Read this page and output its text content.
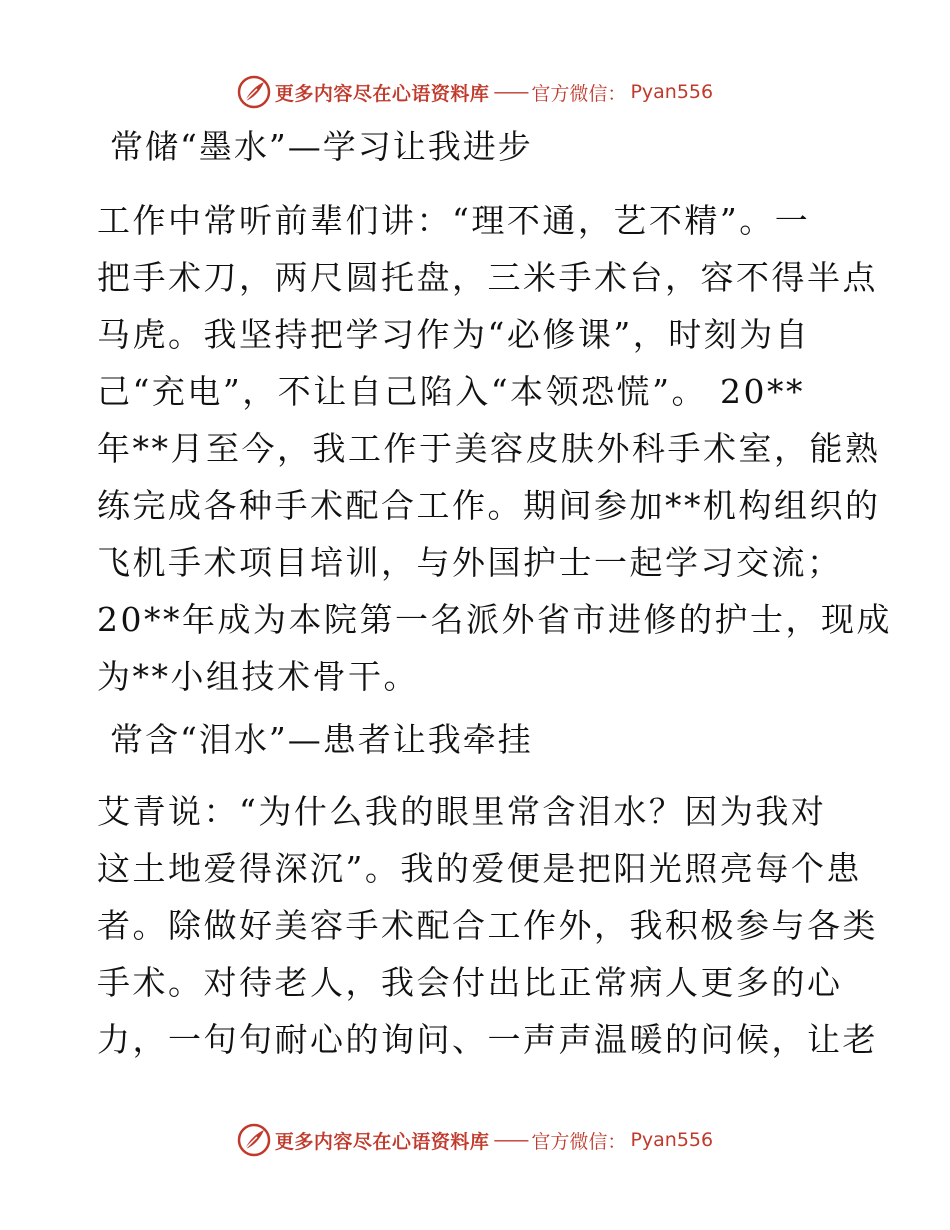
更多内容尽在心语资料库 —— 官方微信： Pyan556
常储“墨水”—学习让我进步

工作中常听前辈们讲：“理不通，艺不精”。一
把手术刀，两尺圆托盘，三米手术台，容不得半点
马虎。我坚持把学习作为“必修课”，时刻为自
己“充电”，不让自己陷入“本领恐慌”。 20**
年**月至今，我工作于美容皮肤外科手术室，能熟
练完成各种手术配合工作。期间参加**机构组织的
飞机手术项目培训，与外国护士一起学习交流；
20**年成为本院第一名派外省市进修的护士，现成
为**小组技术骨干。

常含“泪水”—患者让我牵挂

艾青说：“为什么我的眼里常含泪水？因为我对
这土地爱得深沉”。我的爱便是把阳光照亮每个患
者。除做好美容手术配合工作外，我积极参与各类
手术。对待老人，我会付出比正常病人更多的心
力，一句句耐心的询问、一声声温暖的问候，让老

更多内容尽在心语资料库 —— 官方微信： Pyan556
